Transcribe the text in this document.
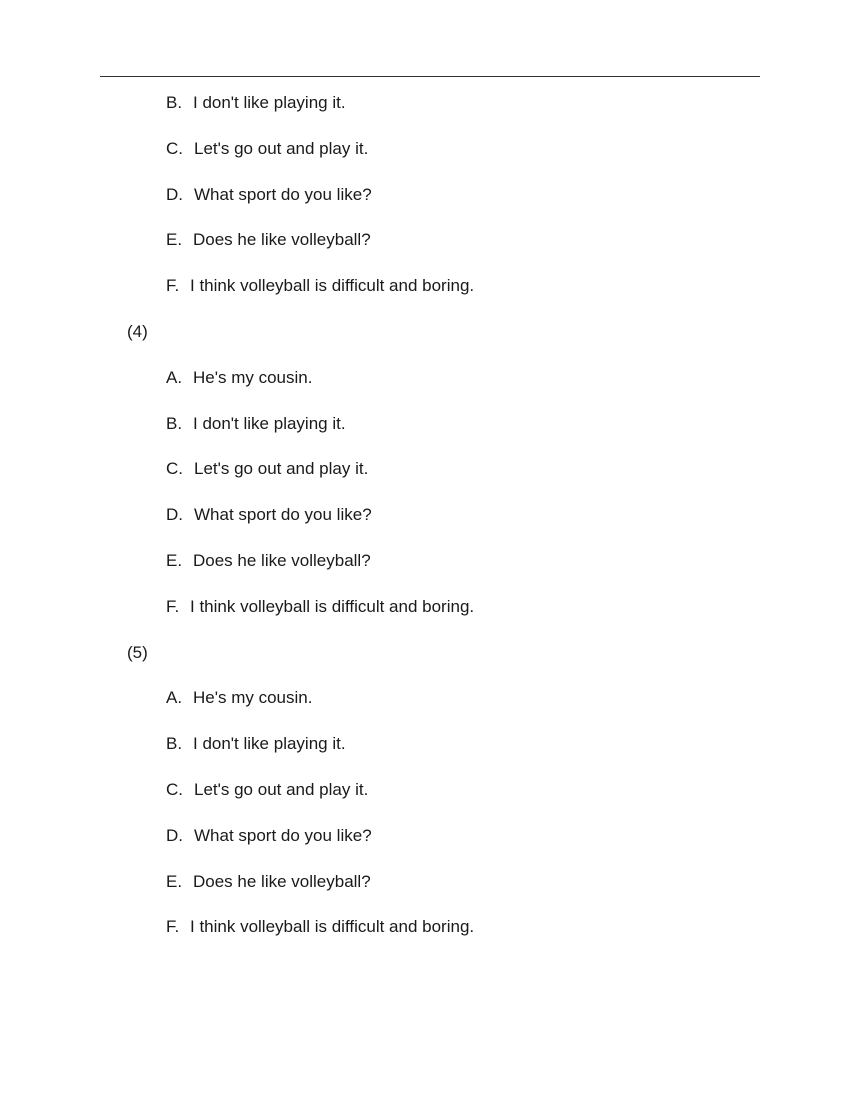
B. I don't like playing it.
C. Let's go out and play it.
D. What sport do you like?
E. Does he like volleyball?
F. I think volleyball is difficult and boring.
(4)
A. He's my cousin.
B. I don't like playing it.
C. Let's go out and play it.
D. What sport do you like?
E. Does he like volleyball?
F. I think volleyball is difficult and boring.
(5)
A. He's my cousin.
B. I don't like playing it.
C. Let's go out and play it.
D. What sport do you like?
E. Does he like volleyball?
F. I think volleyball is difficult and boring.
